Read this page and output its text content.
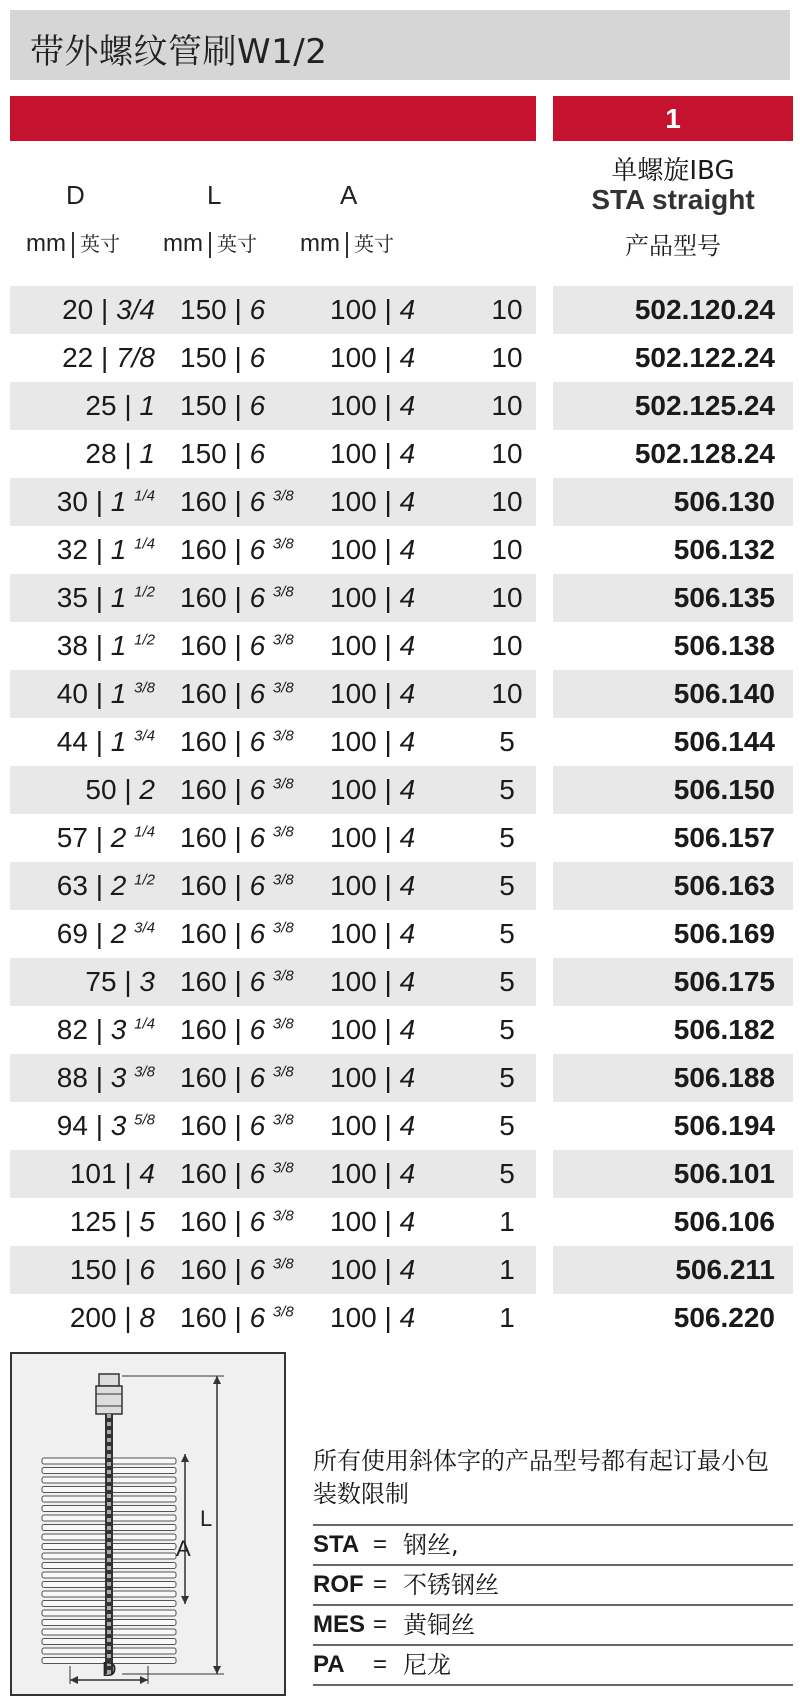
带外螺纹管刷W1/2
1
D	L	A
mm 英寸 mm 英寸 mm 英寸
单螺旋IBG
STA straight
产品型号
20 | 3/4 150 | 6 100 | 4	10	502.120.24
22 | 7/8 150 | 6 100 | 4	10	502.122.24
25 | 1 150 | 6 100 | 4	10	502.125.24
28 | 1 150 | 6 100 | 4	10	502.128.24
30 | 1 $^{1/4}$ 160 | 6 $^{3/8}$ 100 | 4	10	506.130
32 | 1 $^{1/4}$ 160 | 6 $^{3/8}$ 100 | 4	10	506.132
35 | 1 $^{1/2}$ 160 | 6 $^{3/8}$ 100 | 4	10	506.135
38 | 1 $^{1/2}$ 160 | 6 $^{3/8}$ 100 | 4	10	506.138
40 | 1 $^{3/8}$ 160 | 6 $^{3/8}$ 100 | 4	10	506.140
44 | 1 $^{3/4}$ 160 | 6 $^{3/8}$ 100 | 4	5	506.144
50 | 2 160 | 6 $^{3/8}$ 100 | 4	5	506.150
57 | 2 $^{1/4}$ 160 | 6 $^{3/8}$ 100 | 4	5	506.157
63 | 2 $^{1/2}$ 160 | 6 $^{3/8}$ 100 | 4	5	506.163
69 | 2 $^{3/4}$ 160 | 6 $^{3/8}$ 100 | 4	5	506.169
75 | 3 160 | 6 $^{3/8}$ 100 | 4	5	506.175
82 | 3 $^{1/4}$ 160 | 6 $^{3/8}$ 100 | 4	5	506.182
88 | 3 $^{3/8}$ 160 | 6 $^{3/8}$ 100 | 4	5	506.188
94 | 3 $^{5/8}$ 160 | 6 $^{3/8}$ 100 | 4	5	506.194
101 | 4 160 | 6 $^{3/8}$ 100 | 4	5	506.101
125 | 5 160 | 6 $^{3/8}$ 100 | 4	1	506.106
150 | 6 160 | 6 $^{3/8}$ 100 | 4	1	506.211
200 | 8 160 | 6 $^{3/8}$ 100 | 4	1	506.220
L
A
D
所有使用斜体字的产品型号都有起订最小包装数限制
STA = 钢丝,
ROF = 不锈钢丝
MES = 黄铜丝
PA = 尼龙
